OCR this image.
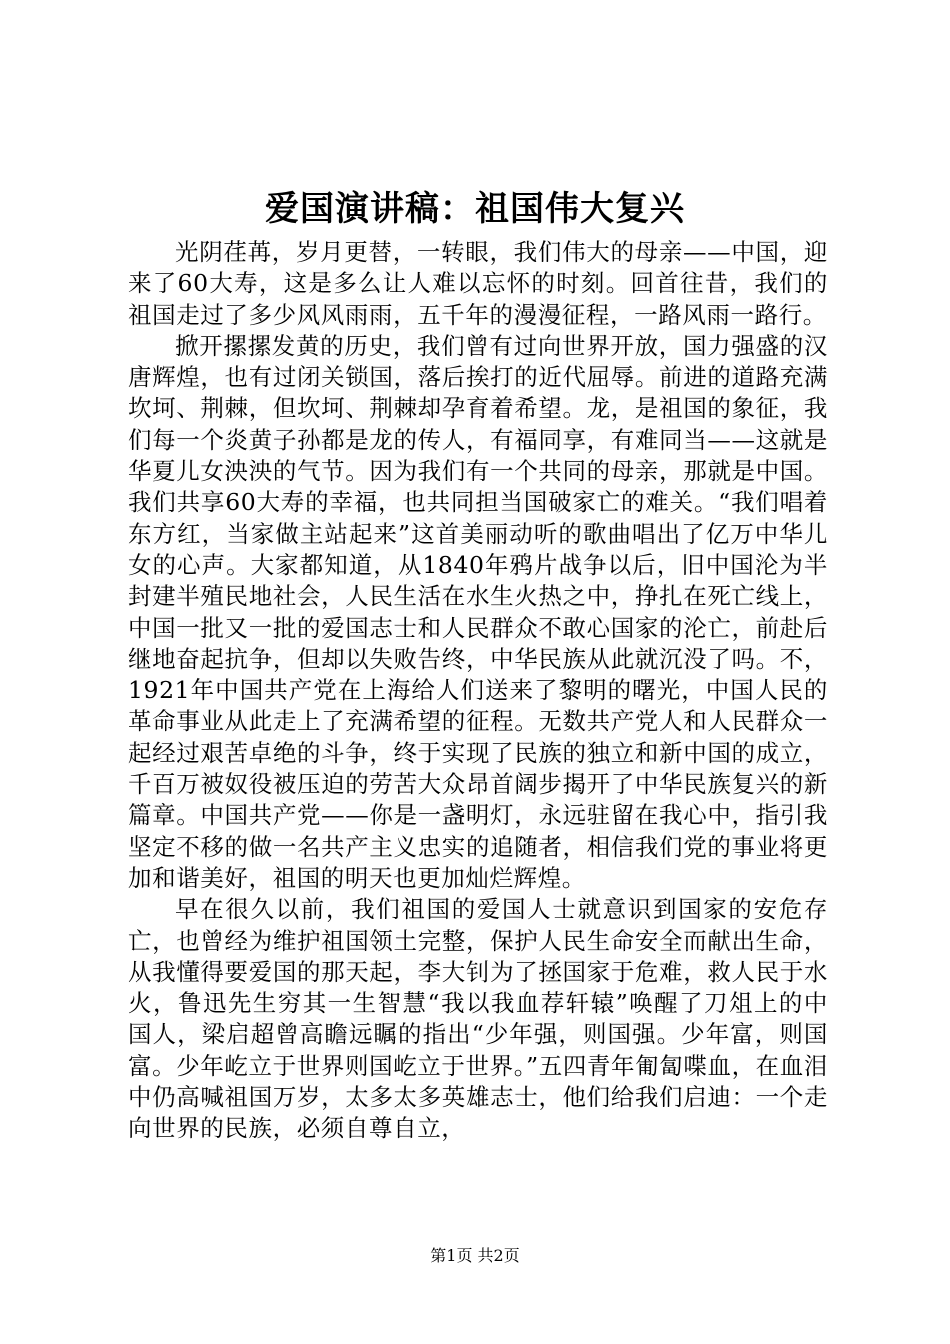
爱国演讲稿：祖国伟大复兴

光阴荏苒，岁月更替，一转眼，我们伟大的母亲——中国，迎来了60大寿，这是多么让人难以忘怀的时刻。回首往昔，我们的祖国走过了多少风风雨雨，五千年的漫漫征程，一路风雨一路行。

掀开摞摞发黄的历史，我们曾有过向世界开放，国力强盛的汉唐辉煌，也有过闭关锁国，落后挨打的近代屈辱。前进的道路充满坎坷、荆棘，但坎坷、荆棘却孕育着希望。龙，是祖国的象征，我们每一个炎黄子孙都是龙的传人，有福同享，有难同当——这就是华夏儿女泱泱的气节。因为我们有一个共同的母亲，那就是中国。我们共享60大寿的幸福，也共同担当国破家亡的难关。“我们唱着东方红，当家做主站起来”这首美丽动听的歌曲唱出了亿万中华儿女的心声。大家都知道，从1840年鸦片战争以后，旧中国沦为半封建半殖民地社会，人民生活在水生火热之中，挣扎在死亡线上，中国一批又一批的爱国志士和人民群众不敢心国家的沦亡，前赴后继地奋起抗争，但却以失败告终，中华民族从此就沉没了吗。不，1921年中国共产党在上海给人们送来了黎明的曙光，中国人民的革命事业从此走上了充满希望的征程。无数共产党人和人民群众一起经过艰苦卓绝的斗争，终于实现了民族的独立和新中国的成立，千百万被奴役被压迫的劳苦大众昂首阔步揭开了中华民族复兴的新篇章。中国共产党——你是一盏明灯，永远驻留在我心中，指引我坚定不移的做一名共产主义忠实的追随者，相信我们党的事业将更加和谐美好，祖国的明天也更加灿烂辉煌。

早在很久以前，我们祖国的爱国人士就意识到国家的安危存亡，也曾经为维护祖国领土完整，保护人民生命安全而献出生命，从我懂得要爱国的那天起，李大钊为了拯国家于危难，救人民于水火，鲁迅先生穷其一生智慧“我以我血荐轩辕”唤醒了刀俎上的中国人，梁启超曾高瞻远瞩的指出“少年强，则国强。少年富，则国富。少年屹立于世界则国屹立于世界。”五四青年匍匐喋血，在血泪中仍高喊祖国万岁，太多太多英雄志士，他们给我们启迪：一个走向世界的民族，必须自尊自立，

第1页 共2页
